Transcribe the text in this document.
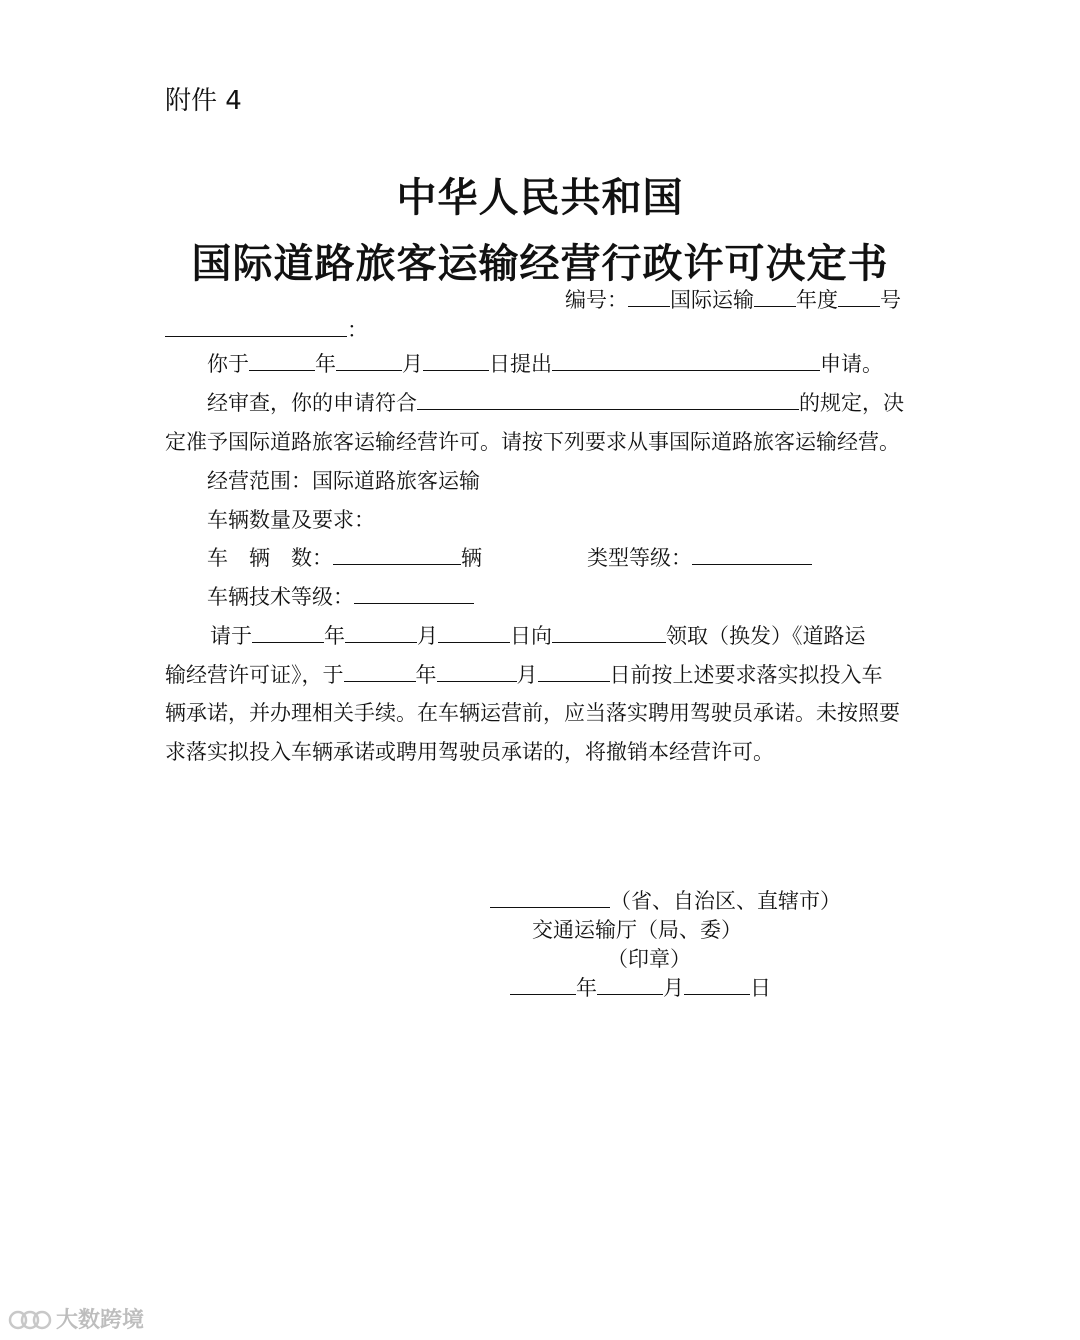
附件 4
中华人民共和国
国际道路旅客运输经营行政许可决定书
编号： 国际运输 年度 号
：
你于	年	月	日提出	申请。
经审查，你的申请符合	的规定，决
定准予国际道路旅客运输经营许可。请按下列要求从事国际道路旅客运输经营。
经营范围：国际道路旅客运输
车辆数量及要求：
车　辆　数：	辆	类型等级：
车辆技术等级：
请于	年	月	日向	领取（换发）《道路运
输经营许可证》，于	年	月	日前按上述要求落实拟投入车
辆承诺，并办理相关手续。在车辆运营前，应当落实聘用驾驶员承诺。未按照要
求落实拟投入车辆承诺或聘用驾驶员承诺的，将撤销本经营许可。
（省、自治区、直辖市）
交通运输厅（局、委）
（印章）
年	月	日
大数跨境
